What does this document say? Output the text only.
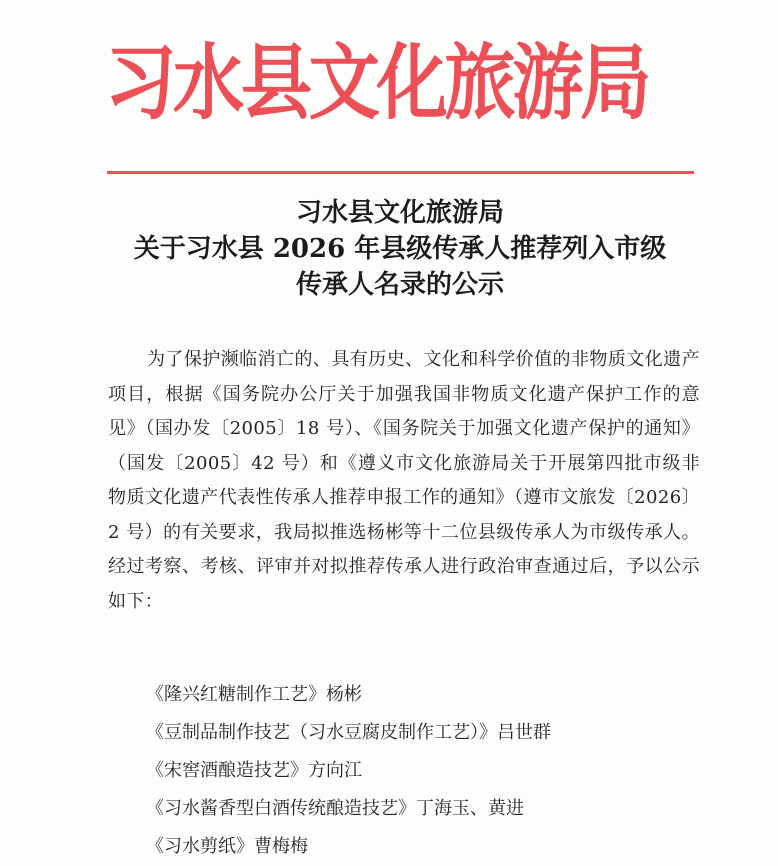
习水县文化旅游局
习水县文化旅游局
关于习水县 2026 年县级传承人推荐列入市级
传承人名录的公示
为了保护濒临消亡的、具有历史、文化和科学价值的非物质文化遗产项目，根据《国务院办公厅关于加强我国非物质文化遗产保护工作的意见》（国办发〔2005〕18 号）、《国务院关于加强文化遗产保护的通知》（国发〔2005〕42 号）和《遵义市文化旅游局关于开展第四批市级非物质文化遗产代表性传承人推荐申报工作的通知》（遵市文旅发〔2026〕2 号）的有关要求，我局拟推选杨彬等十二位县级传承人为市级传承人。经过考察、考核、评审并对拟推荐传承人进行政治审查通过后，予以公示如下：
《隆兴红糖制作工艺》杨彬
《豆制品制作技艺（习水豆腐皮制作工艺）》吕世群
《宋窖酒酿造技艺》方向江
《习水酱香型白酒传统酿造技艺》丁海玉、黄进
《习水剪纸》曹梅梅
